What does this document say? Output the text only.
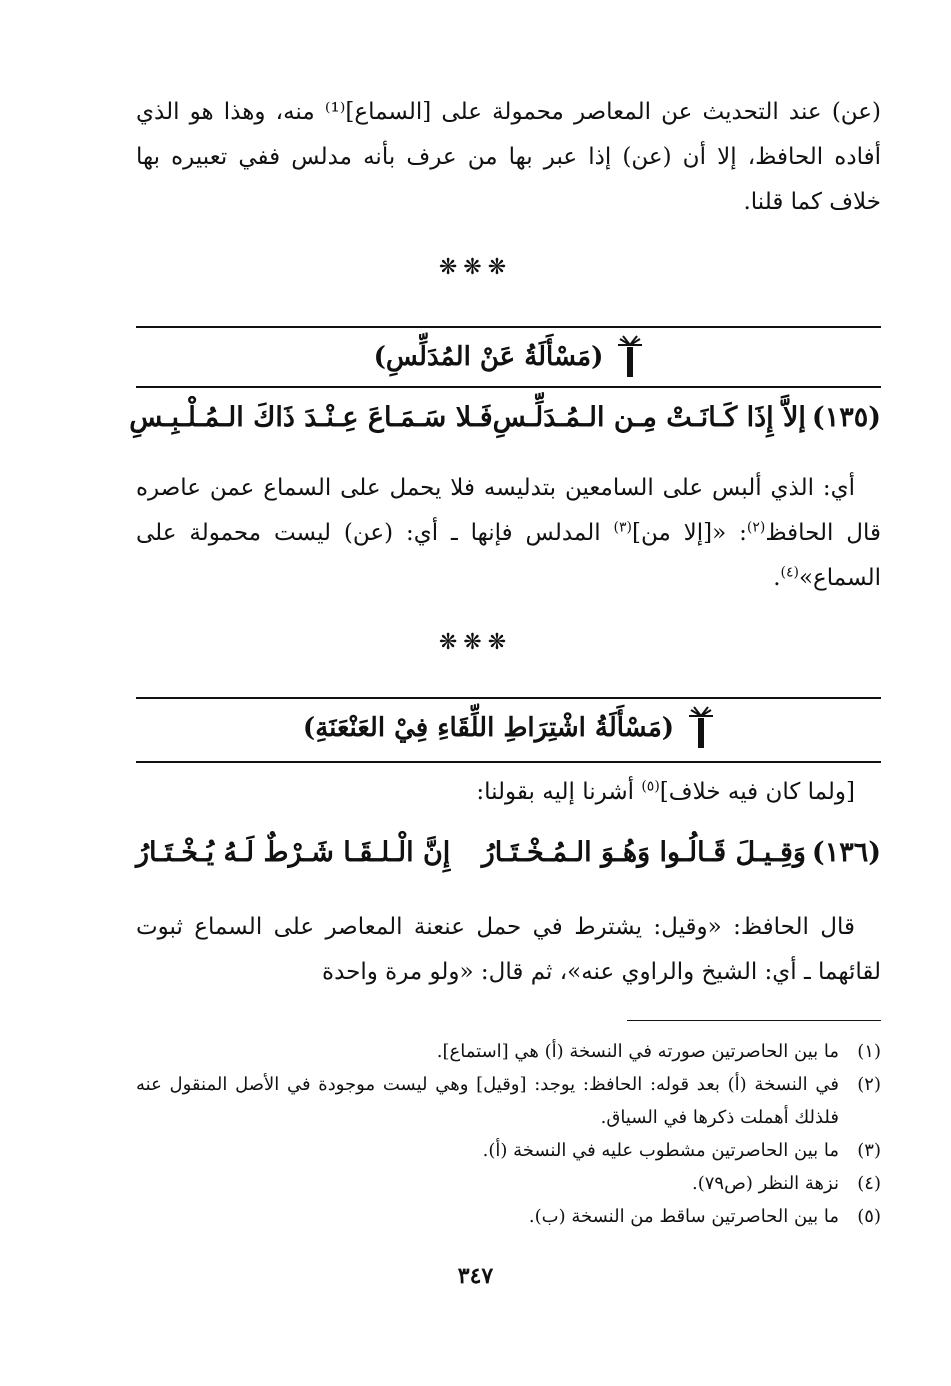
(عن) عند التحديث عن المعاصر محمولة على [السماع]⁽¹⁾ منه، وهذا هو الذي أفاده الحافظ، إلا أن (عن) إذا عبر بها من عرف بأنه مدلس ففي تعبيره بها خلاف كما قلنا.
❋❋❋
(مَسْأَلَةُ عَنْ المُدَلِّسِ)
(١٣٥)
إلاَّ إِذَا كَـانَـتْ مِـن الـمُـدَلِّـسِ
فَـلا سَـمَـاعَ عِـنْـدَ ذَاكَ الـمُـلْـبِـسِ
أي: الذي ألبس على السامعين بتدليسه فلا يحمل على السماع عمن عاصره قال الحافظ$^{(٢)}$: «[إلا من]$^{(٣)}$ المدلس فإنها ـ أي: (عن) ليست محمولة على السماع»$^{(٤)}$.
❋❋❋
(مَسْأَلَةُ اشْتِرَاطِ اللِّقَاءِ فِيْ العَنْعَنَةِ)
[ولما كان فيه خلاف]$^{(٥)}$ أشرنا إليه بقولنا:
(١٣٦)
وَقِـيـلَ قَـالُـوا وَهُـوَ الـمُـخْـتَـارُ
إِنَّ الْـلـقَـا شَـرْطٌ لَـهُ يُـخْـتَـارُ
قال الحافظ: «وقيل: يشترط في حمل عنعنة المعاصر على السماع ثبوت لقائهما ـ أي: الشيخ والراوي عنه»، ثم قال: «ولو مرة واحدة
(١)
ما بين الحاصرتين صورته في النسخة (أ) هي [استماع].
(٢)
في النسخة (أ) بعد قوله: الحافظ: يوجد: [وقيل] وهي ليست موجودة في الأصل المنقول عنه فلذلك أهملت ذكرها في السياق.
(٣)
ما بين الحاصرتين مشطوب عليه في النسخة (أ).
(٤)
نزهة النظر (ص٧٩).
(٥)
ما بين الحاصرتين ساقط من النسخة (ب).
٣٤٧
